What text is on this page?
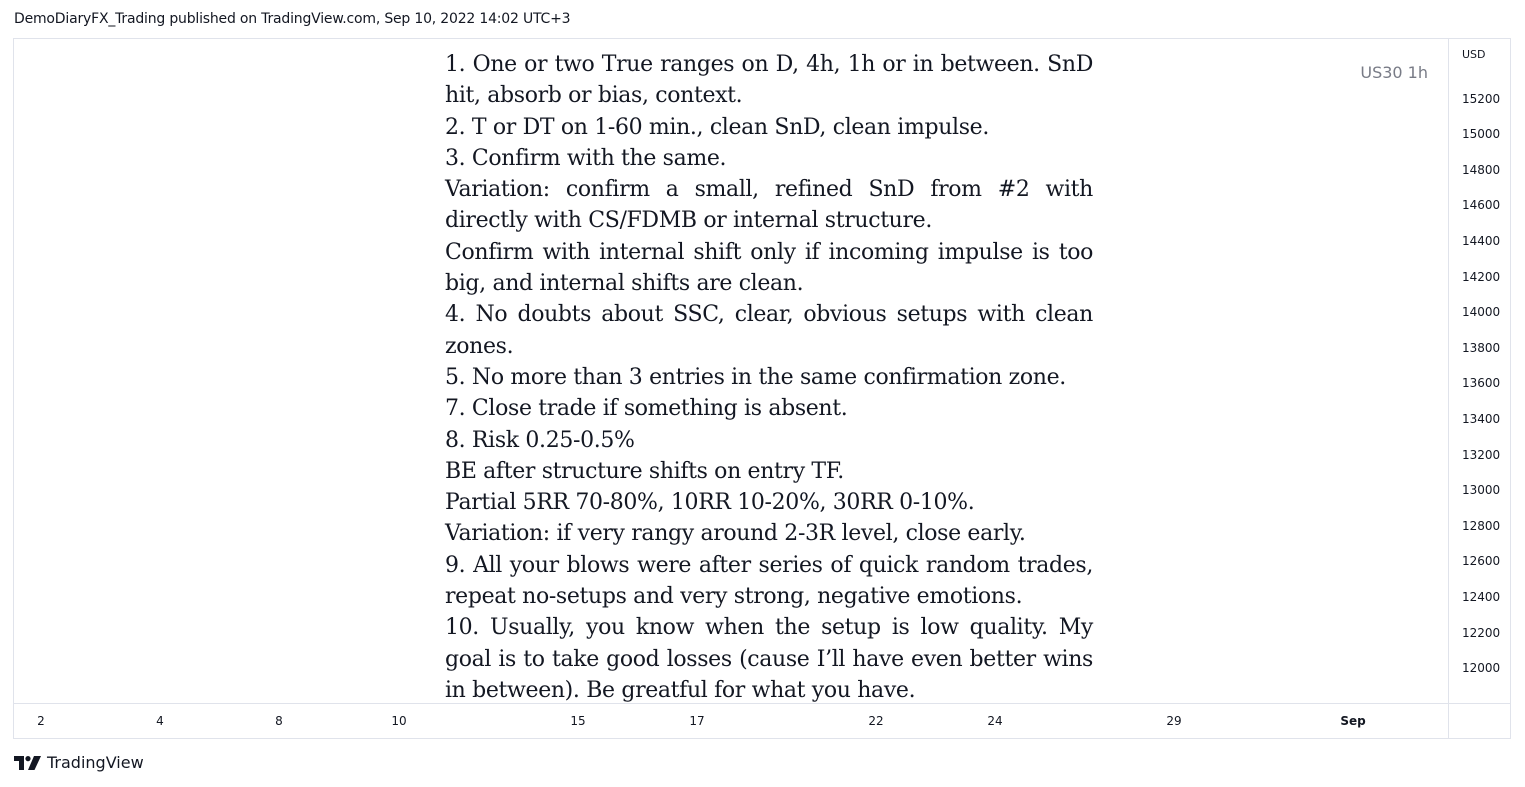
DemoDiaryFX_Trading published on TradingView.com, Sep 10, 2022 14:02 UTC+3

1. One or two True ranges on D, 4h, 1h or in between. SnD hit, absorb or bias, context.

2. T or DT on 1-60 min., clean SnD, clean impulse.

3. Confirm with the same.

Variation: confirm a small, refined SnD from #2 with directly with CS/FDMB or internal structure.

Confirm with internal shift only if incoming impulse is too big, and internal shifts are clean.

4. No doubts about SSC, clear, obvious setups with clean zones.

5. No more than 3 entries in the same confirmation zone.

7. Close trade if something is absent.

8. Risk 0.25-0.5%

BE after structure shifts on entry TF.

Partial 5RR 70-80%, 10RR 10-20%, 30RR 0-10%.

Variation: if very rangy around 2-3R level, close early.

9. All your blows were after series of quick random trades, repeat no-setups and very strong, negative emotions.

10. Usually, you know when the setup is low quality. My goal is to take good losses (cause I’ll have even better wins in between). Be greatful for what you have.

US30 1h
USD
15200
15000
14800
14600
14400
14200
14000
13800
13600
13400
13200
13000
12800
12600
12400
12200
12000
2	4	8	10	15	17	22	24	29	Sep
TradingView
